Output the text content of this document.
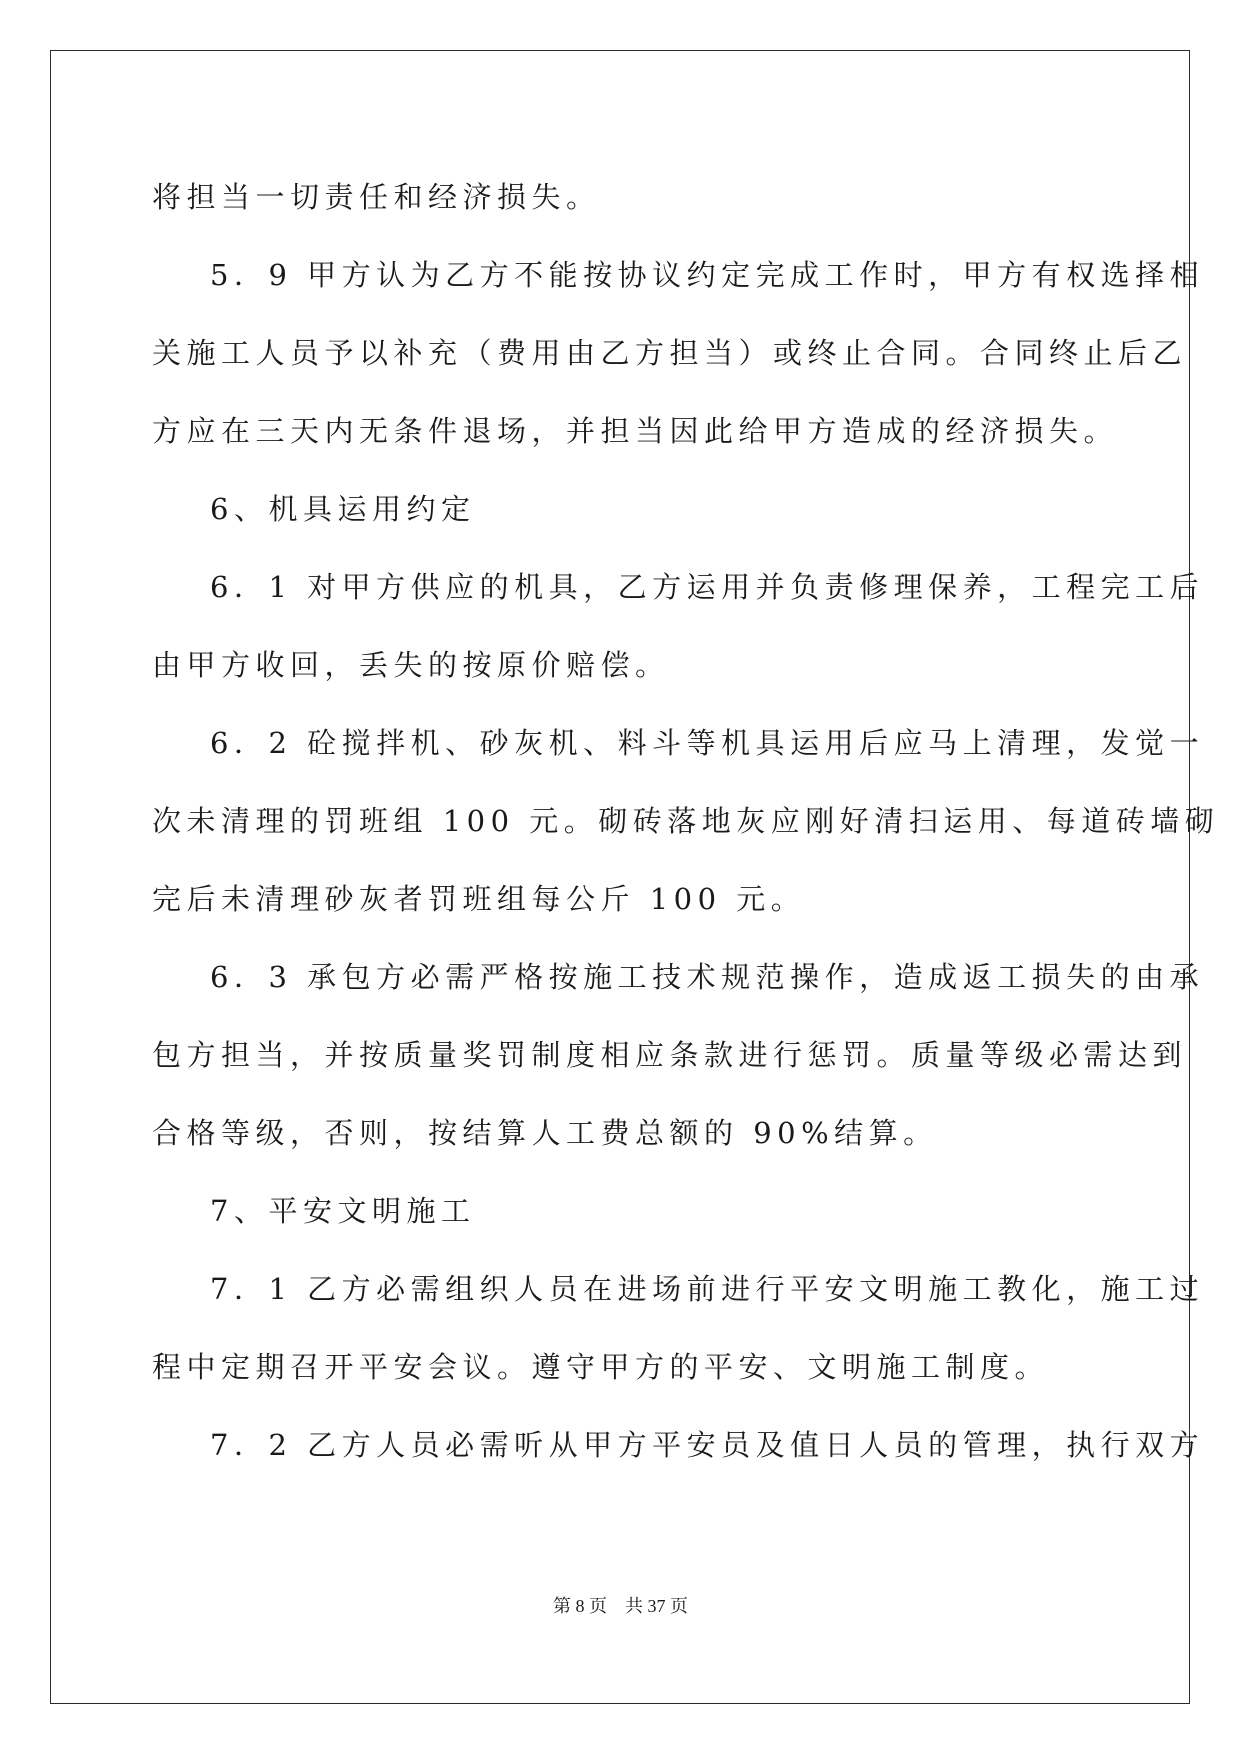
将担当一切责任和经济损失。
5．9 甲方认为乙方不能按协议约定完成工作时，甲方有权选择相
关施工人员予以补充（费用由乙方担当）或终止合同。合同终止后乙
方应在三天内无条件退场，并担当因此给甲方造成的经济损失。
6、机具运用约定
6．1 对甲方供应的机具，乙方运用并负责修理保养，工程完工后
由甲方收回，丢失的按原价赔偿。
6．2 砼搅拌机、砂灰机、料斗等机具运用后应马上清理，发觉一
次未清理的罚班组 100 元。砌砖落地灰应刚好清扫运用、每道砖墙砌
完后未清理砂灰者罚班组每公斤 100 元。
6．3 承包方必需严格按施工技术规范操作，造成返工损失的由承
包方担当，并按质量奖罚制度相应条款进行惩罚。质量等级必需达到
合格等级，否则，按结算人工费总额的 90%结算。
7、平安文明施工
7．1 乙方必需组织人员在进场前进行平安文明施工教化，施工过
程中定期召开平安会议。遵守甲方的平安、文明施工制度。
7．2 乙方人员必需听从甲方平安员及值日人员的管理，执行双方
第 8 页    共 37 页
